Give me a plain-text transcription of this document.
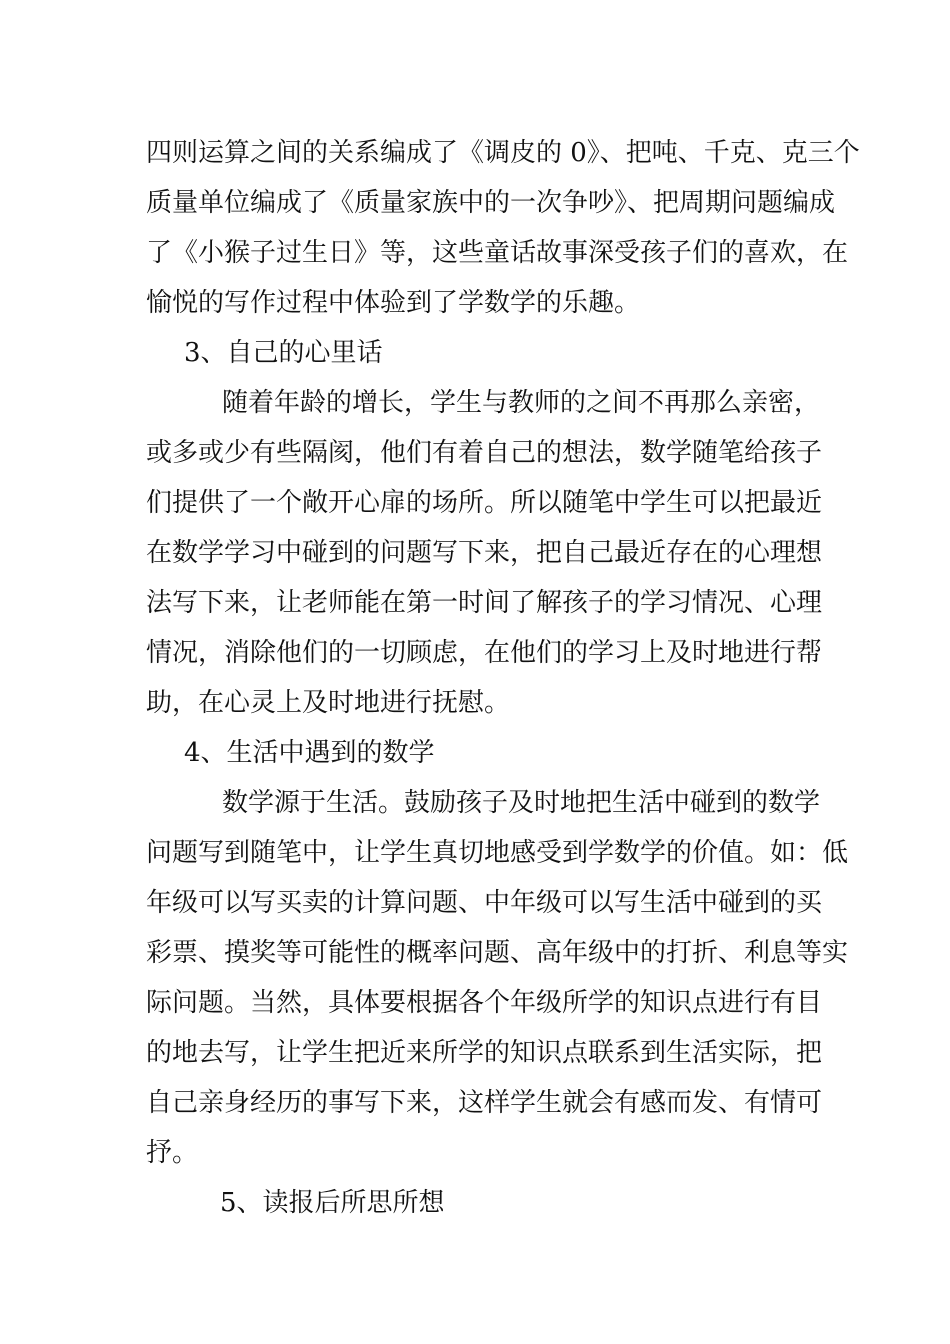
四则运算之间的关系编成了《调皮的 0》、把吨、千克、克三个
质量单位编成了《质量家族中的一次争吵》、把周期问题编成
了《小猴子过生日》等，这些童话故事深受孩子们的喜欢，在
愉悦的写作过程中体验到了学数学的乐趣。
3、自己的心里话
随着年龄的增长，学生与教师的之间不再那么亲密，
或多或少有些隔阂，他们有着自己的想法，数学随笔给孩子
们提供了一个敞开心扉的场所。所以随笔中学生可以把最近
在数学学习中碰到的问题写下来，把自己最近存在的心理想
法写下来，让老师能在第一时间了解孩子的学习情况、心理
情况，消除他们的一切顾虑，在他们的学习上及时地进行帮
助，在心灵上及时地进行抚慰。
4、生活中遇到的数学
数学源于生活。鼓励孩子及时地把生活中碰到的数学
问题写到随笔中，让学生真切地感受到学数学的价值。如：低
年级可以写买卖的计算问题、中年级可以写生活中碰到的买
彩票、摸奖等可能性的概率问题、高年级中的打折、利息等实
际问题。当然，具体要根据各个年级所学的知识点进行有目
的地去写，让学生把近来所学的知识点联系到生活实际，把
自己亲身经历的事写下来，这样学生就会有感而发、有情可
抒。
5、读报后所思所想
